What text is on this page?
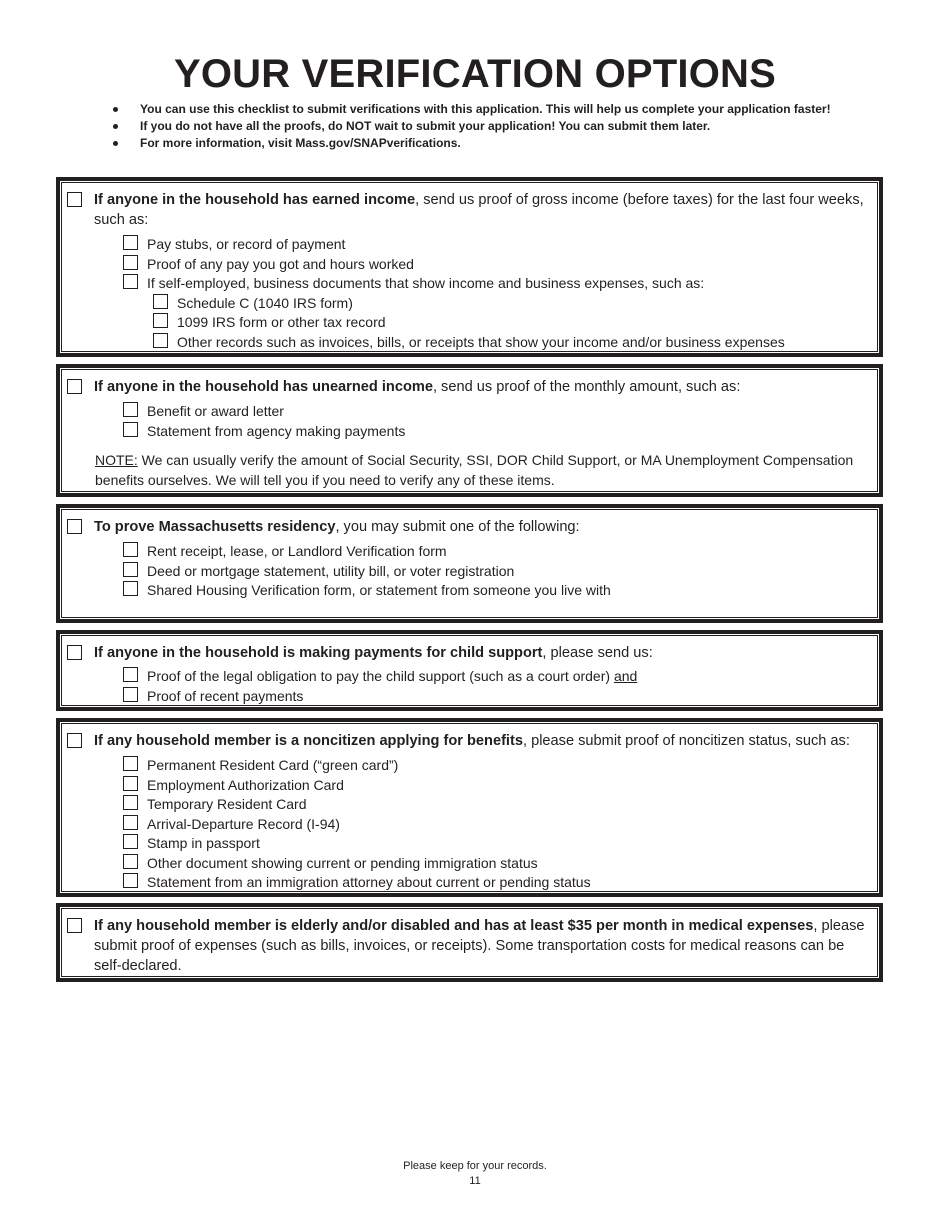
YOUR VERIFICATION OPTIONS
You can use this checklist to submit verifications with this application. This will help us complete your application faster!
If you do not have all the proofs, do NOT wait to submit your application! You can submit them later.
For more information, visit Mass.gov/SNAPverifications.
If anyone in the household has earned income, send us proof of gross income (before taxes) for the last four weeks, such as:
Pay stubs, or record of payment
Proof of any pay you got and hours worked
If self-employed, business documents that show income and business expenses, such as:
Schedule C (1040 IRS form)
1099 IRS form or other tax record
Other records such as invoices, bills, or receipts that show your income and/or business expenses
If anyone in the household has unearned income, send us proof of the monthly amount, such as:
Benefit or award letter
Statement from agency making payments
NOTE: We can usually verify the amount of Social Security, SSI, DOR Child Support, or MA Unemployment Compensation benefits ourselves. We will tell you if you need to verify any of these items.
To prove Massachusetts residency, you may submit one of the following:
Rent receipt, lease, or Landlord Verification form
Deed or mortgage statement, utility bill, or voter registration
Shared Housing Verification form, or statement from someone you live with
If anyone in the household is making payments for child support, please send us:
Proof of the legal obligation to pay the child support (such as a court order) and
Proof of recent payments
If any household member is a noncitizen applying for benefits, please submit proof of noncitizen status, such as:
Permanent Resident Card (“green card”)
Employment Authorization Card
Temporary Resident Card
Arrival-Departure Record (I-94)
Stamp in passport
Other document showing current or pending immigration status
Statement from an immigration attorney about current or pending status
If any household member is elderly and/or disabled and has at least $35 per month in medical expenses, please submit proof of expenses (such as bills, invoices, or receipts). Some transportation costs for medical reasons can be self-declared.
Please keep for your records.
11
